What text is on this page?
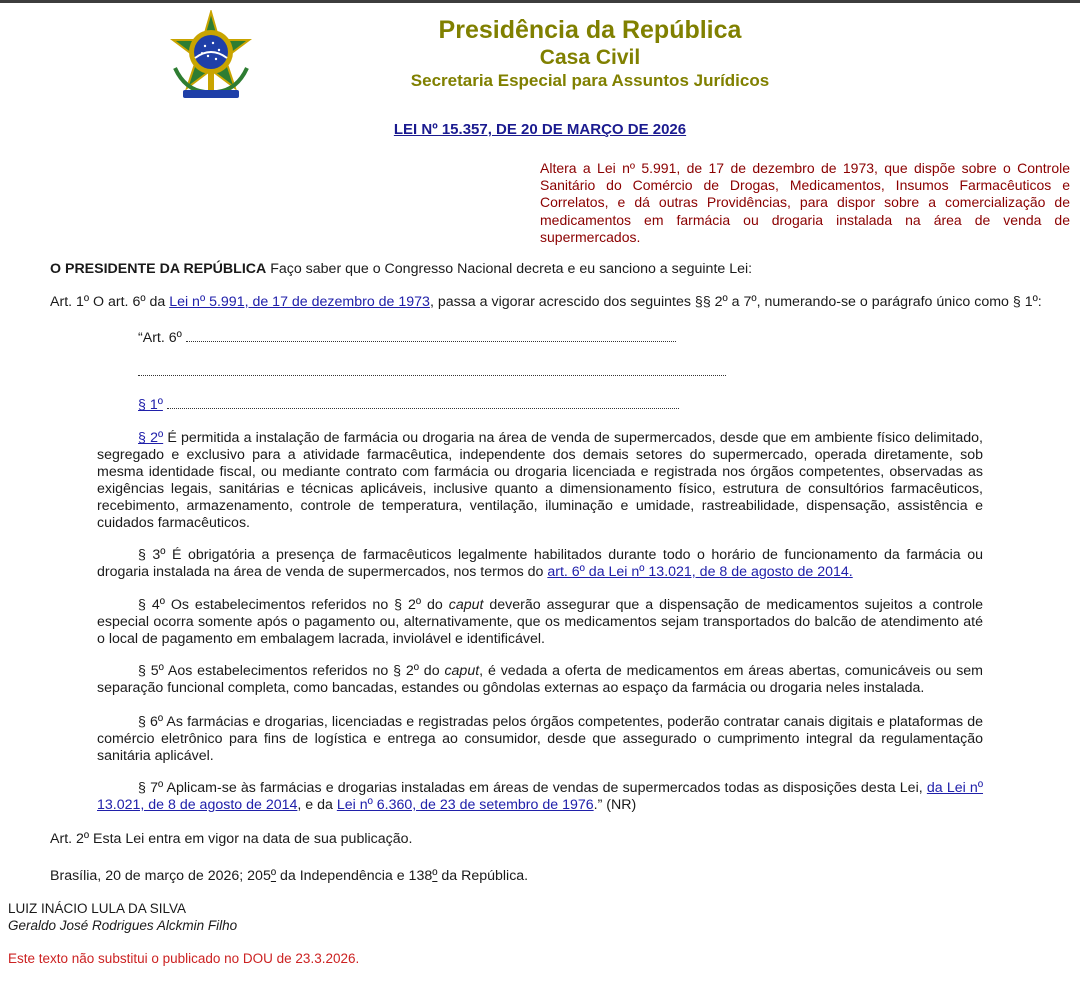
Presidência da República
Casa Civil
Secretaria Especial para Assuntos Jurídicos
LEI Nº 15.357, DE 20 DE MARÇO DE 2026
Altera a Lei nº 5.991, de 17 de dezembro de 1973, que dispõe sobre o Controle Sanitário do Comércio de Drogas, Medicamentos, Insumos Farmacêuticos e Correlatos, e dá outras Providências, para dispor sobre a comercialização de medicamentos em farmácia ou drogaria instalada na área de venda de supermercados.

O PRESIDENTE DA REPÚBLICA Faço saber que o Congresso Nacional decreta e eu sanciono a seguinte Lei:

Art. 1º O art. 6º da Lei nº 5.991, de 17 de dezembro de 1973, passa a vigorar acrescido dos seguintes §§ 2º a 7º, numerando-se o parágrafo único como § 1º:

“Art. 6º

§ 1º

§ 2º É permitida a instalação de farmácia ou drogaria na área de venda de supermercados, desde que em ambiente físico delimitado, segregado e exclusivo para a atividade farmacêutica, independente dos demais setores do supermercado, operada diretamente, sob mesma identidade fiscal, ou mediante contrato com farmácia ou drogaria licenciada e registrada nos órgãos competentes, observadas as exigências legais, sanitárias e técnicas aplicáveis, inclusive quanto a dimensionamento físico, estrutura de consultórios farmacêuticos, recebimento, armazenamento, controle de temperatura, ventilação, iluminação e umidade, rastreabilidade, dispensação, assistência e cuidados farmacêuticos.

§ 3º É obrigatória a presença de farmacêuticos legalmente habilitados durante todo o horário de funcionamento da farmácia ou drogaria instalada na área de venda de supermercados, nos termos do art. 6º da Lei nº 13.021, de 8 de agosto de 2014.

§ 4º Os estabelecimentos referidos no § 2º do caput deverão assegurar que a dispensação de medicamentos sujeitos a controle especial ocorra somente após o pagamento ou, alternativamente, que os medicamentos sejam transportados do balcão de atendimento até o local de pagamento em embalagem lacrada, inviolável e identificável.

§ 5º Aos estabelecimentos referidos no § 2º do caput, é vedada a oferta de medicamentos em áreas abertas, comunicáveis ou sem separação funcional completa, como bancadas, estandes ou gôndolas externas ao espaço da farmácia ou drogaria neles instalada.

§ 6º As farmácias e drogarias, licenciadas e registradas pelos órgãos competentes, poderão contratar canais digitais e plataformas de comércio eletrônico para fins de logística e entrega ao consumidor, desde que assegurado o cumprimento integral da regulamentação sanitária aplicável.

§ 7º Aplicam-se às farmácias e drogarias instaladas em áreas de vendas de supermercados todas as disposições desta Lei, da Lei nº 13.021, de 8 de agosto de 2014, e da Lei nº 6.360, de 23 de setembro de 1976.” (NR)

Art. 2º Esta Lei entra em vigor na data de sua publicação.

Brasília, 20 de março de 2026; 205º da Independência e 138º da República.

LUIZ INÁCIO LULA DA SILVA
Geraldo José Rodrigues Alckmin Filho
Este texto não substitui o publicado no DOU de 23.3.2026.
